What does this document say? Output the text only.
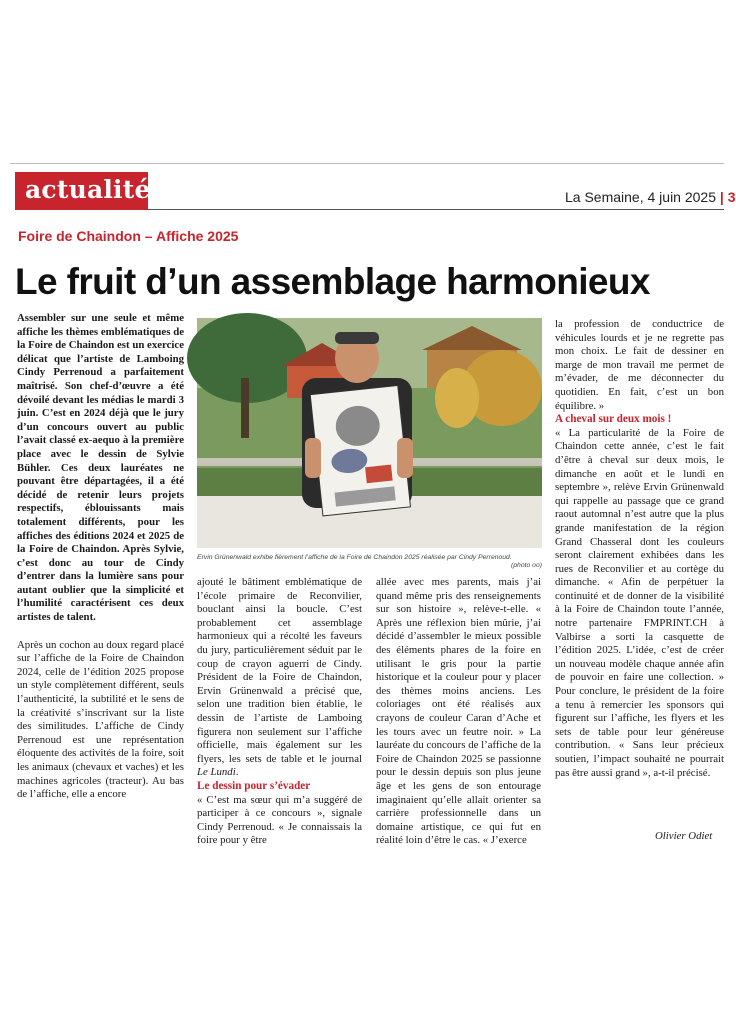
actualité	La Semaine, 4 juin 2025 | 3
Foire de Chaindon – Affiche 2025
Le fruit d’un assemblage harmonieux

Assembler sur une seule et même affiche les thèmes emblématiques de la Foire de Chaindon est un exercice délicat que l’artiste de Lamboing Cindy Perrenoud a parfaitement maîtrisé. Son chef-d’œuvre a été dévoilé devant les médias le mardi 3 juin. C’est en 2024 déjà que le jury d’un concours ouvert au public l’avait classé ex-aequo à la première place avec le dessin de Sylvie Bühler. Ces deux lauréates ne pouvant être départagées, il a été décidé de retenir leurs projets respectifs, éblouissants mais totalement différents, pour les affiches des éditions 2024 et 2025 de la Foire de Chaindon. Après Sylvie, c’est donc au tour de Cindy d’entrer dans la lumière sans pour autant oublier que la simplicité et l’humilité caractérisent ces deux artistes de talent.

Après un cochon au doux regard placé sur l’affiche de la Foire de Chaindon 2024, celle de l’édition 2025 propose un style complètement différent, seuls l’authenticité, la subtilité et le sens de la créativité s’inscrivant sur la liste des similitudes. L’affiche de Cindy Perrenoud est une représentation éloquente des activités de la foire, soit les animaux (chevaux et vaches) et les machines agricoles (tracteur). Au bas de l’affiche, elle a encore

Ervin Grünenwald exhibe fièrement l’affiche de la Foire de Chaindon 2025 réalisée par Cindy Perrenoud.
(photo oo)

ajouté le bâtiment emblématique de l’école primaire de Reconvilier, bouclant ainsi la boucle. C’est probablement cet assemblage harmonieux qui a récolté les faveurs du jury, particulièrement séduit par le coup de crayon aguerri de Cindy. Président de la Foire de Chaindon, Ervin Grünenwald a précisé que, selon une tradition bien établie, le dessin de l’artiste de Lamboing figurera non seulement sur l’affiche officielle, mais également sur les flyers, les sets de table et le journal Le Lundi.

Le dessin pour s’évader

« C’est ma sœur qui m’a suggéré de participer à ce concours », signale Cindy Perrenoud. « Je connaissais la foire pour y être

allée avec mes parents, mais j’ai quand même pris des renseignements sur son histoire », relève-t-elle. « Après une réflexion bien mûrie, j’ai décidé d’assembler le mieux possible des éléments phares de la foire en utilisant le gris pour la partie historique et la couleur pour y placer des thèmes moins anciens. Les coloriages ont été réalisés aux crayons de couleur Caran d’Ache et les tours avec un feutre noir. » La lauréate du concours de l’affiche de la Foire de Chaindon 2025 se passionne pour le dessin depuis son plus jeune âge et les gens de son entourage imaginaient qu’elle allait orienter sa carrière professionnelle dans un domaine artistique, ce qui fut en réalité loin d’être le cas. « J’exerce

la profession de conductrice de véhicules lourds et je ne regrette pas mon choix. Le fait de dessiner en marge de mon travail me permet de m’évader, de me déconnecter du quotidien. En fait, c’est un bon équilibre. »

A cheval sur deux mois !

« La particularité de la Foire de Chaindon cette année, c’est le fait d’être à cheval sur deux mois, le dimanche en août et le lundi en septembre », relève Ervin Grünenwald qui rappelle au passage que ce grand raout automnal n’est autre que la plus grande manifestation de la région Grand Chasseral dont les couleurs seront clairement exhibées dans les rues de Reconvilier et au cortège du dimanche. « Afin de perpétuer la continuité et de donner de la visibilité à la Foire de Chaindon toute l’année, notre partenaire FMPRINT.CH à Valbirse a sorti la casquette de l’édition 2025. L’idée, c’est de créer un nouveau modèle chaque année afin de pouvoir en faire une collection. » Pour conclure, le président de la foire a tenu à remercier les sponsors qui figurent sur l’affiche, les flyers et les sets de table pour leur généreuse contribution. « Sans leur précieux soutien, l’impact souhaité ne pourrait pas être aussi grand », a-t-il précisé.

Olivier Odiet
